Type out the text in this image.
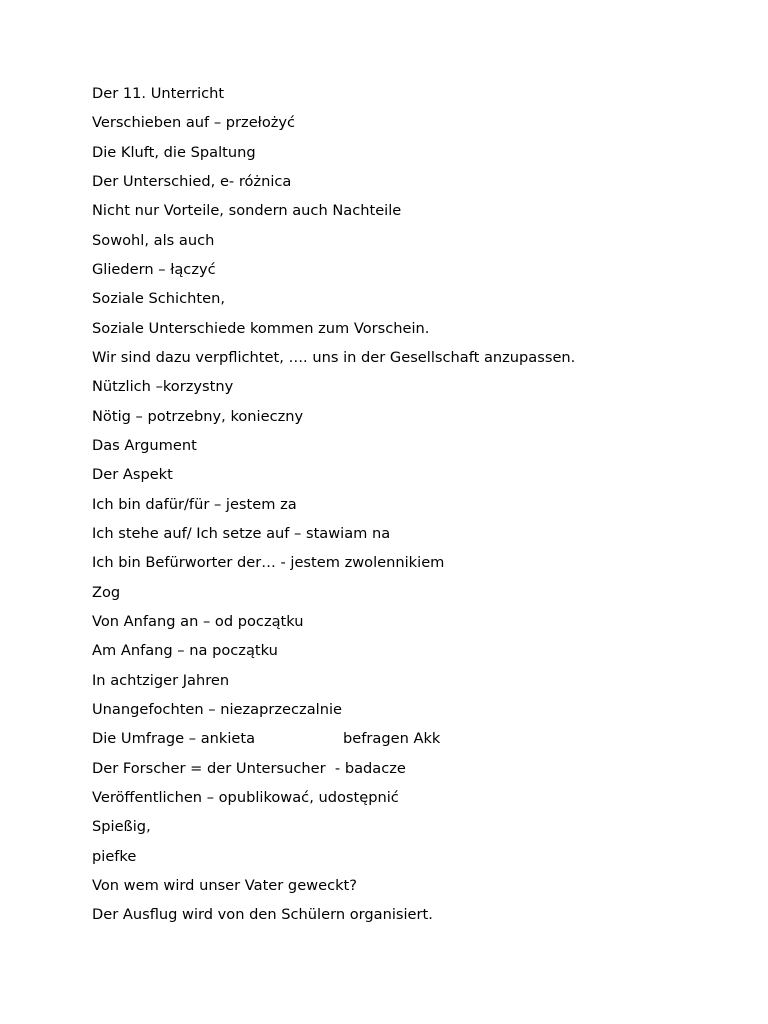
Der 11. Unterricht
Verschieben auf – przełożyć
Die Kluft, die Spaltung
Der Unterschied, e- różnica
Nicht nur Vorteile, sondern auch Nachteile
Sowohl, als auch
Gliedern – łączyć
Soziale Schichten,
Soziale Unterschiede kommen zum Vorschein.
Wir sind dazu verpflichtet, …. uns in der Gesellschaft anzupassen.
Nützlich –korzystny
Nötig – potrzebny, konieczny
Das Argument
Der Aspekt
Ich bin dafür/für – jestem za
Ich stehe auf/ Ich setze auf – stawiam na
Ich bin Befürworter der… - jestem zwolennikiem
Zog
Von Anfang an – od początku
Am Anfang – na początku
In achtziger Jahren
Unangefochten – niezaprzeczalnie
Die Umfrage – ankieta	befragen Akk
Der Forscher = der Untersucher  - badacze
Veröffentlichen – opublikować, udostępnić
Spießig,
piefke
Von wem wird unser Vater geweckt?
Der Ausflug wird von den Schülern organisiert.
